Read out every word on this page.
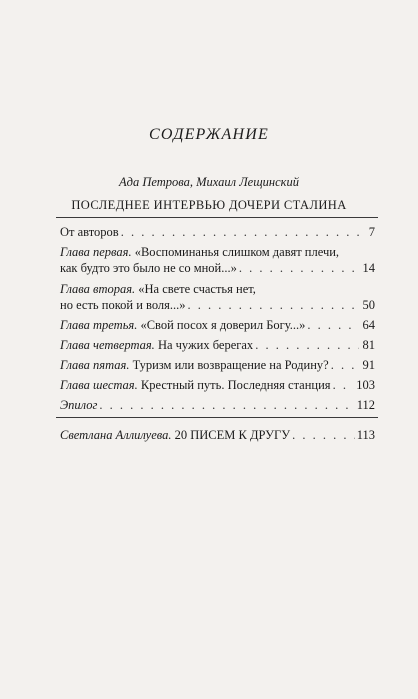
СОДЕРЖАНИЕ
Ада Петрова, Михаил Лещинский
ПОСЛЕДНЕЕ ИНТЕРВЬЮ ДОЧЕРИ СТАЛИНА
От авторов . . .	7
Глава первая.
«Воспоминанья слишком давят плечи,
как будто это было не со мной...» . . .	14
Глава вторая.
«На свете счастья нет,
но есть покой и воля...» . . .	50
Глава третья.
«Свой посох я доверил Богу...» . . .	64
Глава четвертая.
На чужих берегах . . .	81
Глава пятая.
Туризм или возвращение на Родину? . . .	91
Глава шестая.
Крестный путь. Последняя станция . . . 103
Эпилог . . .	112
Светлана Аллилуева.
20 ПИСЕМ К ДРУГУ . . .	113
